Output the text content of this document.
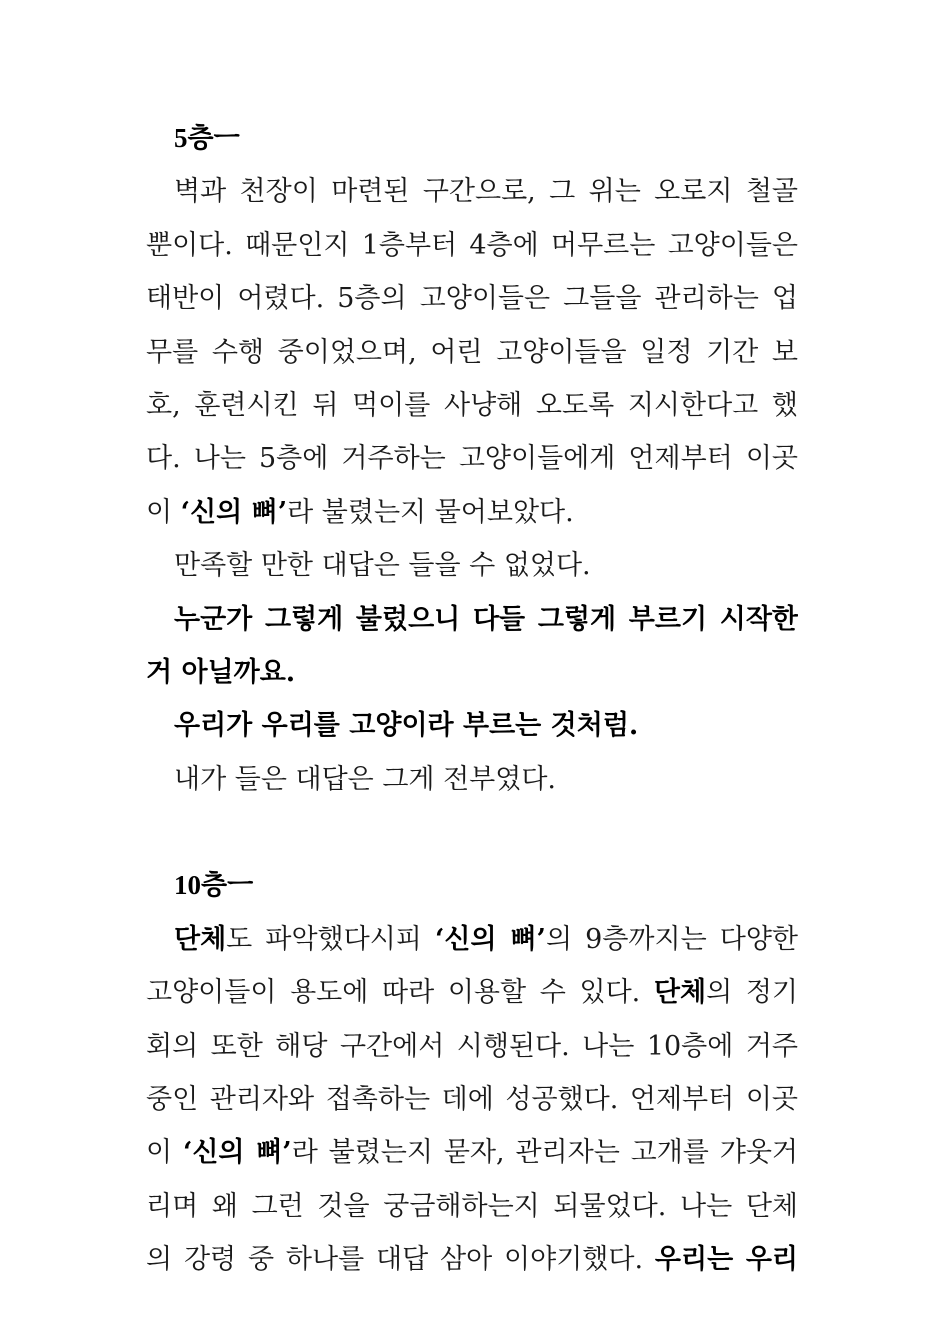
5층ㅡ
벽과 천장이 마련된 구간으로, 그 위는 오로지 철골
뿐이다. 때문인지 1층부터 4층에 머무르는 고양이들은
태반이 어렸다. 5층의 고양이들은 그들을 관리하는 업
무를 수행 중이었으며, 어린 고양이들을 일정 기간 보
호, 훈련시킨 뒤 먹이를 사냥해 오도록 지시한다고 했
다. 나는 5층에 거주하는 고양이들에게 언제부터 이곳
이 ‘신의 뼈’라 불렸는지 물어보았다.
만족할 만한 대답은 들을 수 없었다.
누군가 그렇게 불렀으니 다들 그렇게 부르기 시작한
거 아닐까요.
우리가 우리를 고양이라 부르는 것처럼.
내가 들은 대답은 그게 전부였다.
10층ㅡ
단체도 파악했다시피 ‘신의 뼈’의 9층까지는 다양한
고양이들이 용도에 따라 이용할 수 있다. 단체의 정기
회의 또한 해당 구간에서 시행된다. 나는 10층에 거주
중인 관리자와 접촉하는 데에 성공했다. 언제부터 이곳
이 ‘신의 뼈’라 불렸는지 묻자, 관리자는 고개를 갸웃거
리며 왜 그런 것을 궁금해하는지 되물었다. 나는 단체
의 강령 중 하나를 대답 삼아 이야기했다. 우리는 우리
